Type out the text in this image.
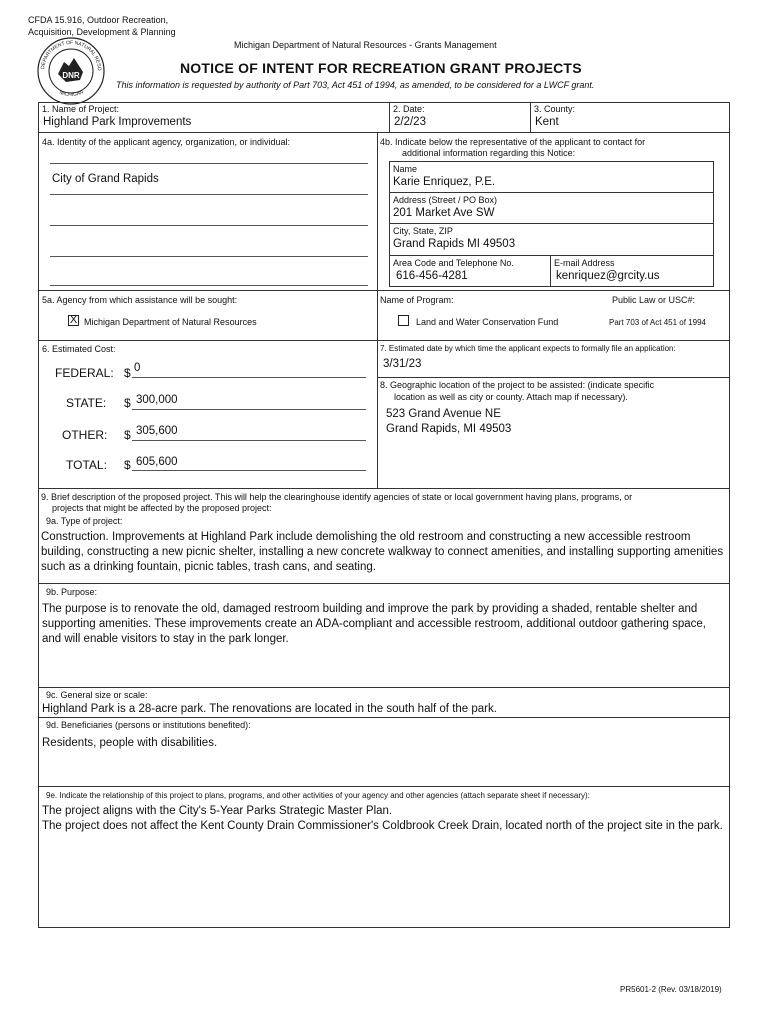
CFDA 15.916, Outdoor Recreation,
Acquisition, Development & Planning
Michigan Department of Natural Resources - Grants Management
DNR
DEPARTMENT OF NATURAL RESO
MICHIGAN
NOTICE OF INTENT FOR RECREATION GRANT PROJECTS
This information is requested by authority of Part 703, Act 451 of 1994, as amended, to be considered for a LWCF grant.
1. Name of Project:
Highland Park Improvements
2. Date:
2/2/23
3. County:
Kent
4a. Identity of the applicant agency, organization, or individual:
City of Grand Rapids
4b. Indicate below the representative of the applicant to contact for
additional information regarding this Notice:
Name
Karie Enriquez, P.E.
Address (Street / PO Box)
201 Market Ave SW
City, State, ZIP
Grand Rapids MI 49503
Area Code and Telephone No.
616-456-4281
E-mail Address
kenriquez@grcity.us
5a. Agency from which assistance will be sought:
X Michigan Department of Natural Resources
Name of Program:	Public Law or USC#:
Land and Water Conservation Fund	Part 703 of Act 451 of 1994
6. Estimated Cost:
FEDERAL: $ 0
STATE: $ 300,000
OTHER: $ 305,600
TOTAL: $ 605,600
7. Estimated date by which time the applicant expects to formally file an application:
3/31/23
8. Geographic location of the project to be assisted: (indicate specific
location as well as city or county. Attach map if necessary).
523 Grand Avenue NE
Grand Rapids, MI 49503
9. Brief description of the proposed project. This will help the clearinghouse identify agencies of state or local government having plans, programs, or
projects that might be affected by the proposed project:
9a. Type of project:
Construction. Improvements at Highland Park include demolishing the old restroom and constructing a new accessible restroom
building, constructing a new picnic shelter, installing a new concrete walkway to connect amenities, and installing supporting amenities
such as a drinking fountain, picnic tables, trash cans, and seating.
9b. Purpose:
The purpose is to renovate the old, damaged restroom building and improve the park by providing a shaded, rentable shelter and
supporting amenities. These improvements create an ADA-compliant and accessible restroom, additional outdoor gathering space,
and will enable visitors to stay in the park longer.
9c. General size or scale:
Highland Park is a 28-acre park. The renovations are located in the south half of the park.
9d. Beneficiaries (persons or institutions benefited):
Residents, people with disabilities.
9e. Indicate the relationship of this project to plans, programs, and other activities of your agency and other agencies (attach separate sheet if necessary):
The project aligns with the City's 5-Year Parks Strategic Master Plan.
The project does not affect the Kent County Drain Commissioner's Coldbrook Creek Drain, located north of the project site in the park.
PR5601-2 (Rev. 03/18/2019)
